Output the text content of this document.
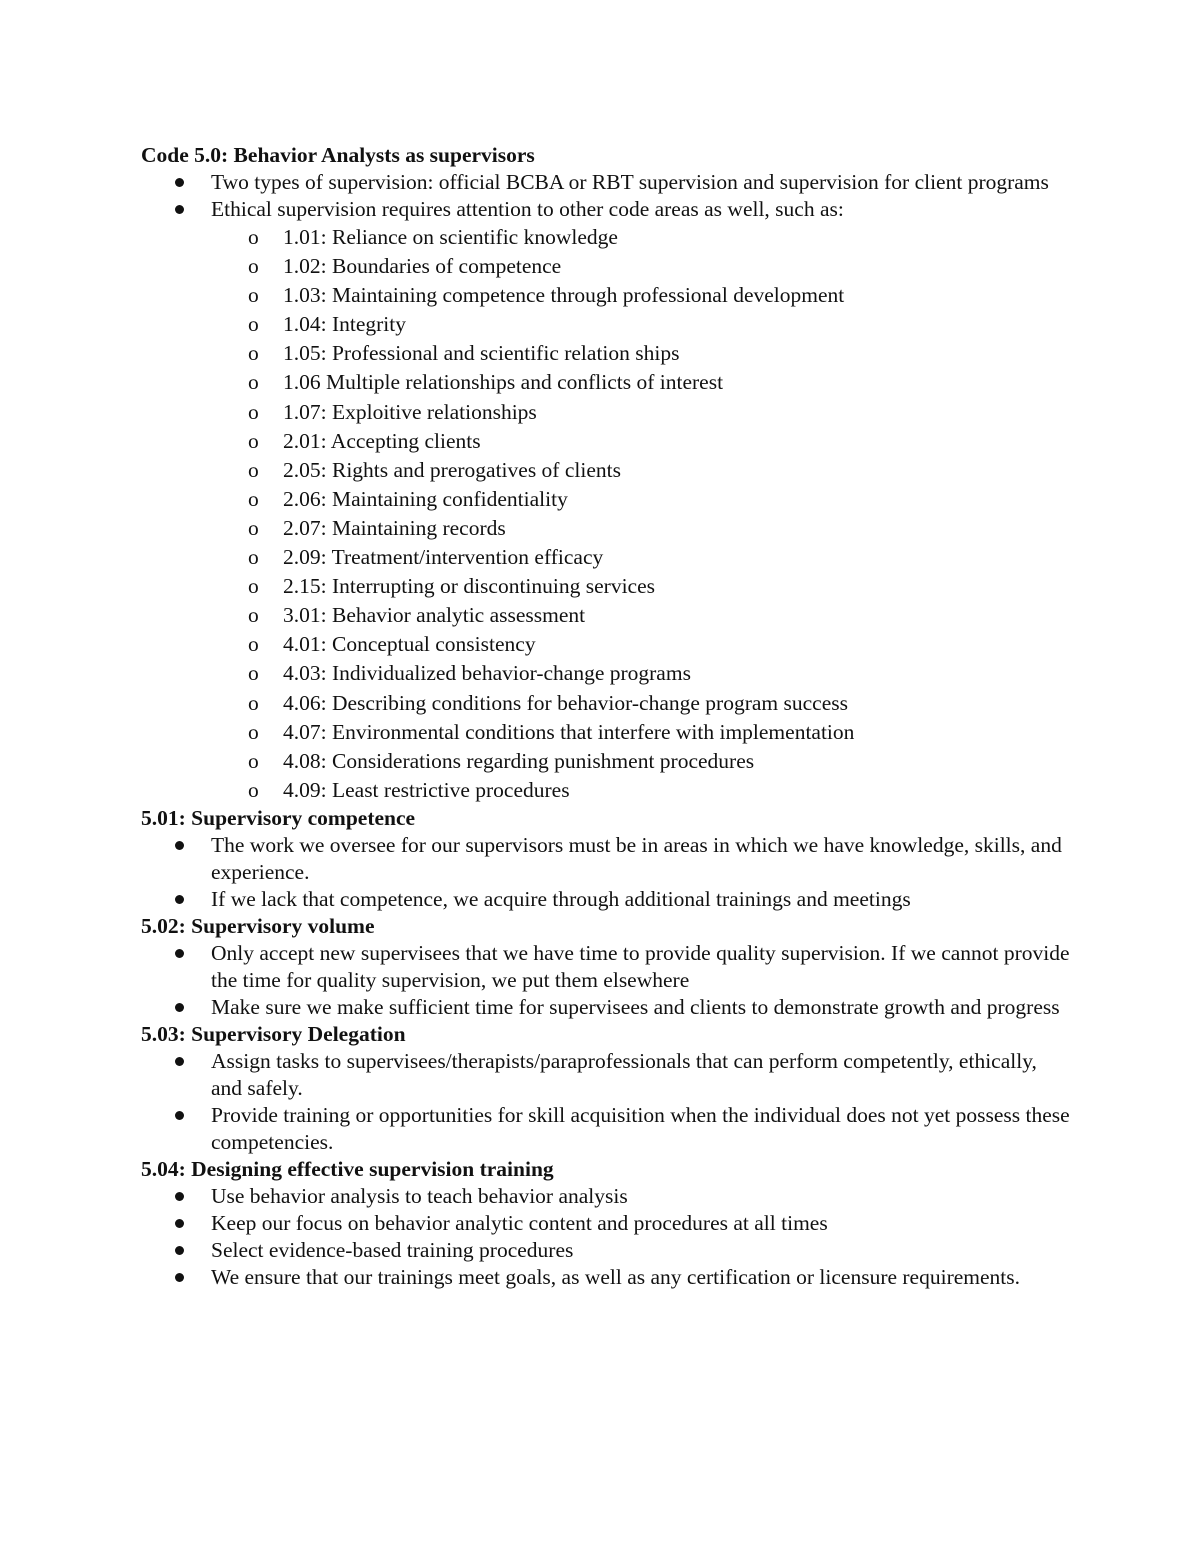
Code 5.0: Behavior Analysts as supervisors

Two types of supervision: official BCBA or RBT supervision and supervision for client programs
Ethical supervision requires attention to other code areas as well, such as:
o 1.01: Reliance on scientific knowledge
o 1.02: Boundaries of competence
o 1.03: Maintaining competence through professional development
o 1.04: Integrity
o 1.05: Professional and scientific relation ships
o 1.06 Multiple relationships and conflicts of interest
o 1.07: Exploitive relationships
o 2.01: Accepting clients
o 2.05: Rights and prerogatives of clients
o 2.06: Maintaining confidentiality
o 2.07: Maintaining records
o 2.09: Treatment/intervention efficacy
o 2.15: Interrupting or discontinuing services
o 3.01: Behavior analytic assessment
o 4.01: Conceptual consistency
o 4.03: Individualized behavior-change programs
o 4.06: Describing conditions for behavior-change program success
o 4.07: Environmental conditions that interfere with implementation
o 4.08: Considerations regarding punishment procedures
o 4.09: Least restrictive procedures

5.01: Supervisory competence

The work we oversee for our supervisors must be in areas in which we have knowledge, skills, and experience.
If we lack that competence, we acquire through additional trainings and meetings

5.02: Supervisory volume

Only accept new supervisees that we have time to provide quality supervision. If we cannot provide the time for quality supervision, we put them elsewhere
Make sure we make sufficient time for supervisees and clients to demonstrate growth and progress

5.03: Supervisory Delegation

Assign tasks to supervisees/therapists/paraprofessionals that can perform competently, ethically, and safely.
Provide training or opportunities for skill acquisition when the individual does not yet possess these competencies.

5.04: Designing effective supervision training

Use behavior analysis to teach behavior analysis
Keep our focus on behavior analytic content and procedures at all times
Select evidence-based training procedures
We ensure that our trainings meet goals, as well as any certification or licensure requirements.
